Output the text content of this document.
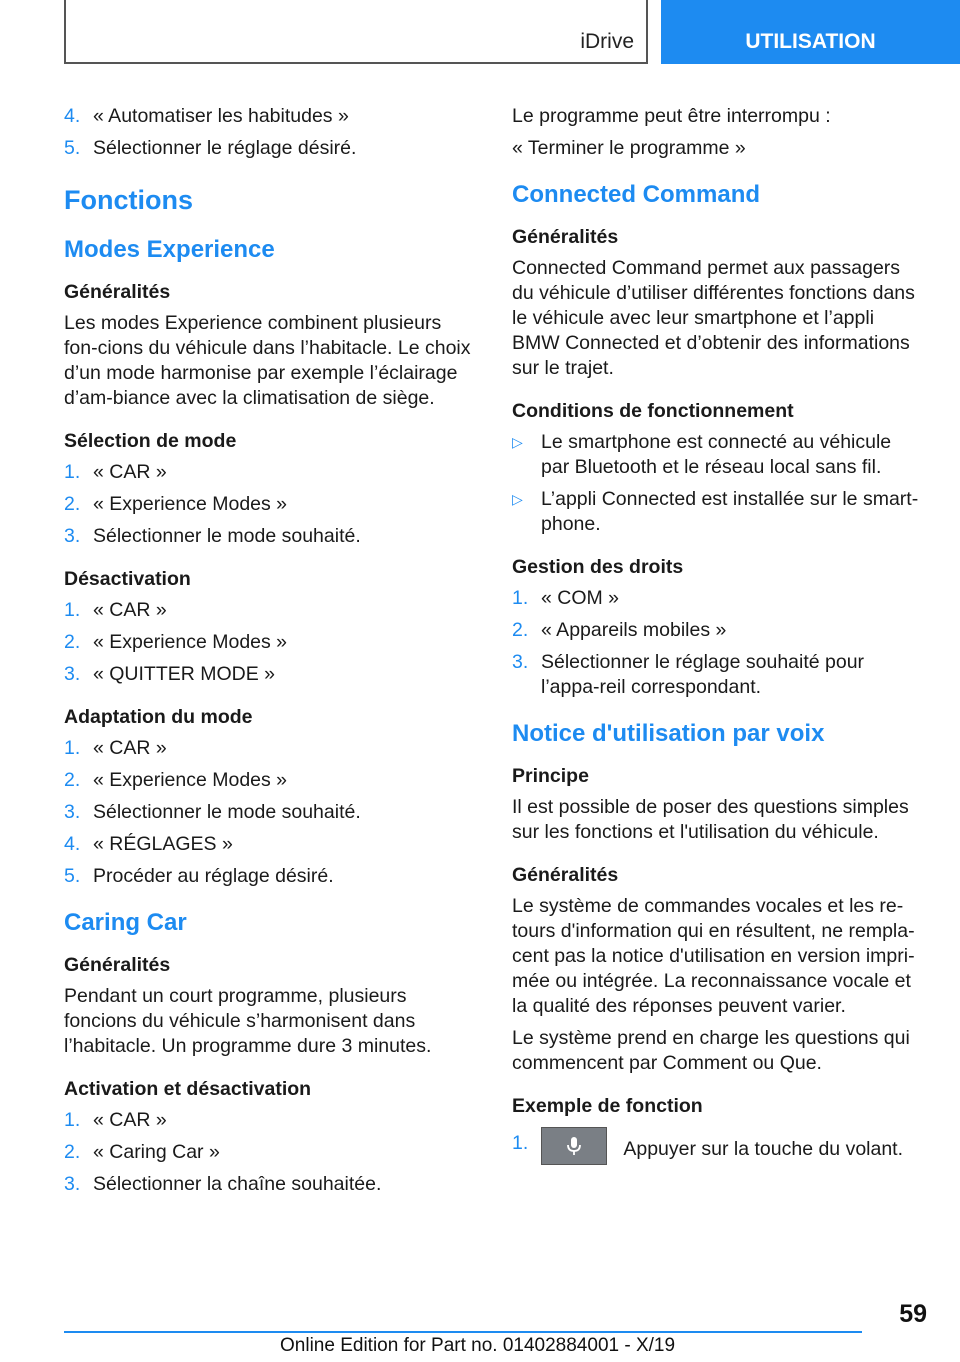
iDrive	UTILISATION
4. « Automatiser les habitudes »
5. Sélectionner le réglage désiré.
Fonctions
Modes Experience
Généralités

Les modes Experience combinent plusieurs fon-cions du véhicule dans l’habitacle. Le choix d’un mode harmonise par exemple l’éclairage d’am-biance avec la climatisation de siège.

Sélection de mode
1. « CAR »
2. « Experience Modes »
3. Sélectionner le mode souhaité.
Désactivation
1. « CAR »
2. « Experience Modes »
3. « QUITTER MODE »
Adaptation du mode
1. « CAR »
2. « Experience Modes »
3. Sélectionner le mode souhaité.
4. « RÉGLAGES »
5. Procéder au réglage désiré.
Caring Car
Généralités

Pendant un court programme, plusieurs foncions du véhicule s’harmonisent dans l’habitacle. Un programme dure 3 minutes.

Activation et désactivation
1. « CAR »
2. « Caring Car »
3. Sélectionner la chaîne souhaitée.

Le programme peut être interrompu :

« Terminer le programme »

Connected Command
Généralités

Connected Command permet aux passagers du véhicule d’utiliser différentes fonctions dans le véhicule avec leur smartphone et l’appli BMW Connected et d’obtenir des informations sur le trajet.

Conditions de fonctionnement
▷ Le smartphone est connecté au véhicule par Bluetooth et le réseau local sans fil.
▷ L’appli Connected est installée sur le smart-phone.
Gestion des droits
1. « COM »
2. « Appareils mobiles »
3. Sélectionner le réglage souhaité pour l’appa-reil correspondant.
Notice d'utilisation par voix
Principe

Il est possible de poser des questions simples sur les fonctions et l'utilisation du véhicule.

Généralités

Le système de commandes vocales et les re-tours d'information qui en résultent, ne rempla-cent pas la notice d'utilisation en version impri-mée ou intégrée. La reconnaissance vocale et la qualité des réponses peuvent varier.

Le système prend en charge les questions qui commencent par Comment ou Que.

Exemple de fonction
1.	Appuyer sur la touche du volant.
59
Online Edition for Part no. 01402884001 - X/19
